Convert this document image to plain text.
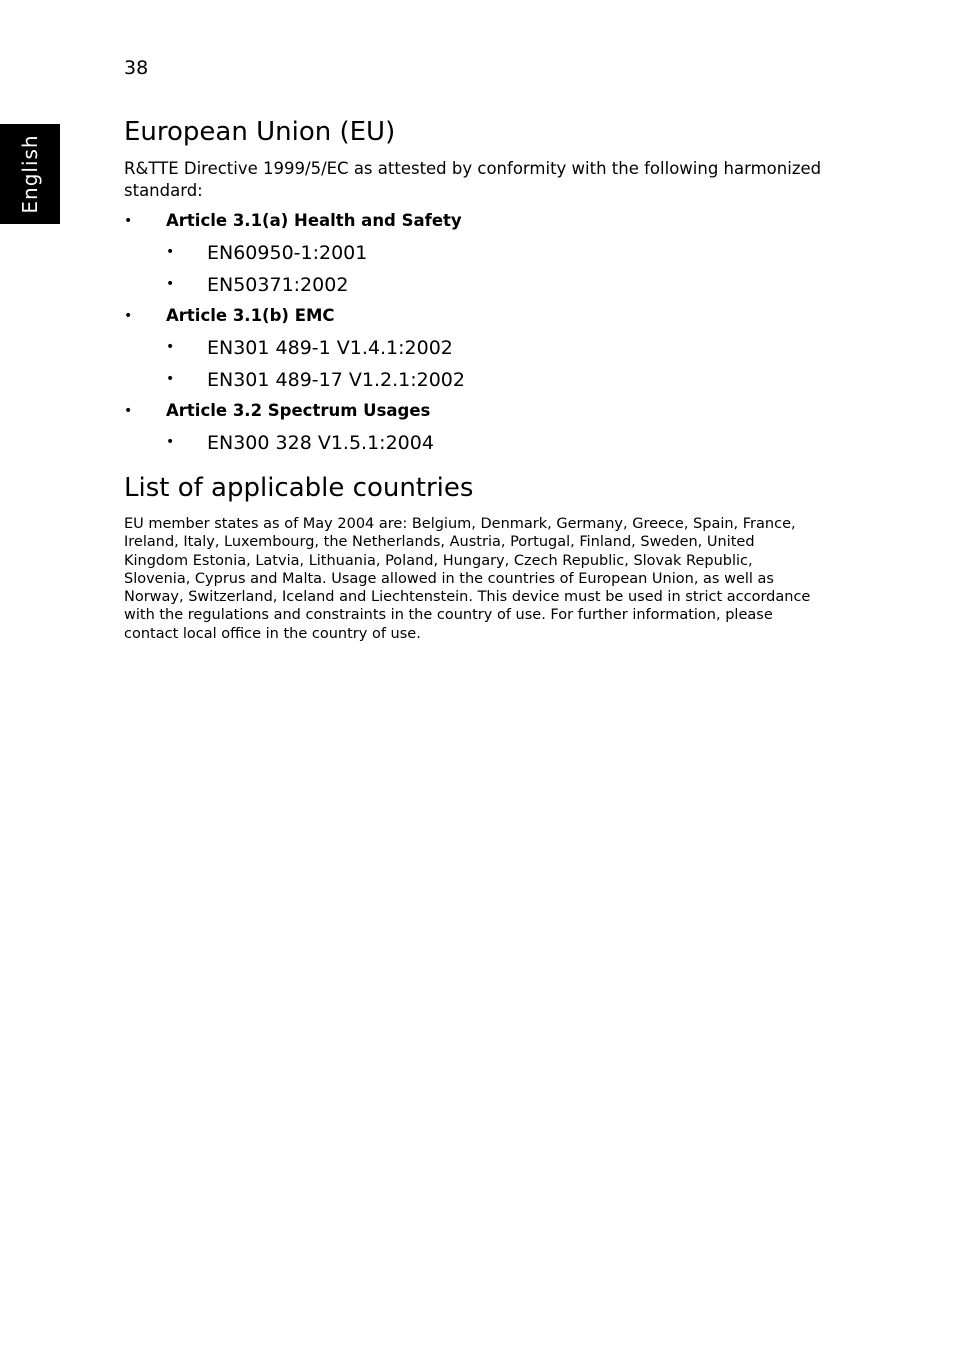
38
English
European Union (EU)

R&TTE Directive 1999/5/EC as attested by conformity with the following harmonized standard:

• Article 3.1(a) Health and Safety
• EN60950-1:2001
• EN50371:2002
• Article 3.1(b) EMC
• EN301 489-1 V1.4.1:2002
• EN301 489-17 V1.2.1:2002
• Article 3.2 Spectrum Usages
• EN300 328 V1.5.1:2004
List of applicable countries

EU member states as of May 2004 are: Belgium, Denmark, Germany, Greece, Spain, France, Ireland, Italy, Luxembourg, the Netherlands, Austria, Portugal, Finland, Sweden, United Kingdom Estonia, Latvia, Lithuania, Poland, Hungary, Czech Republic, Slovak Republic, Slovenia, Cyprus and Malta. Usage allowed in the countries of European Union, as well as Norway, Switzerland, Iceland and Liechtenstein. This device must be used in strict accordance with the regulations and constraints in the country of use. For further information, please contact local office in the country of use.
